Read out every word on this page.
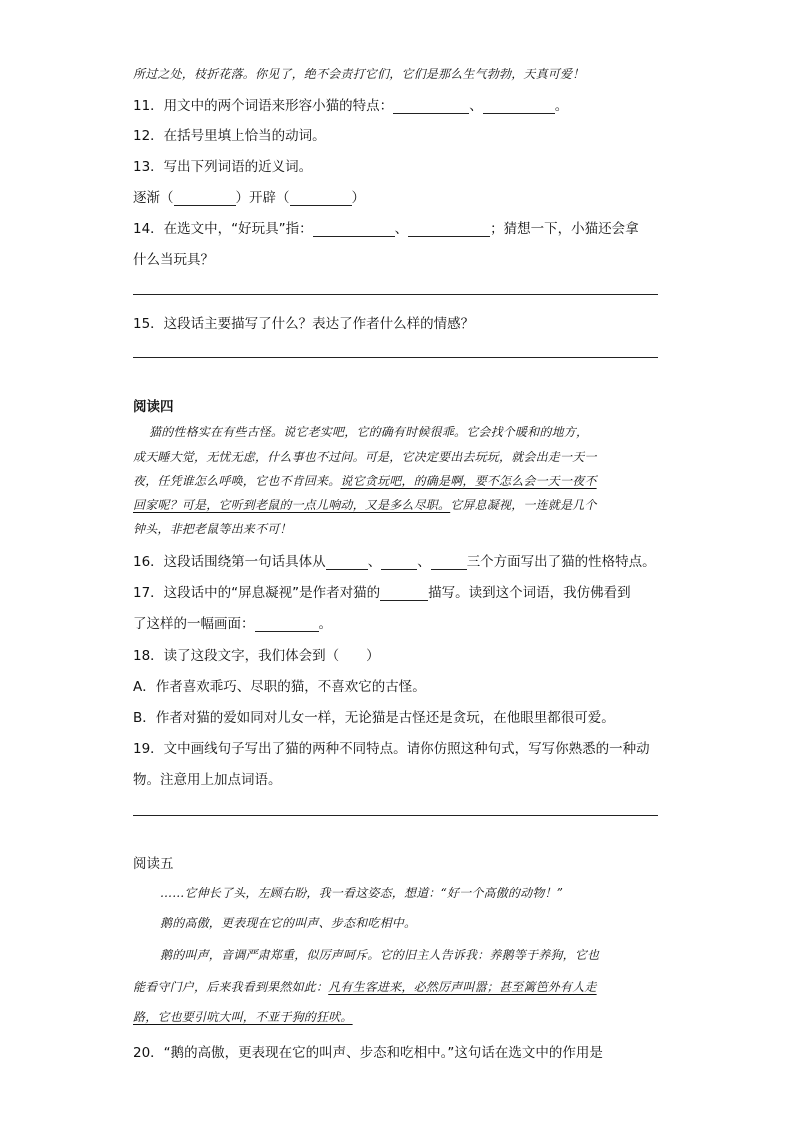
所过之处，枝折花落。你见了，绝不会责打它们，它们是那么生气勃勃，天真可爱！
11．用文中的两个词语来形容小猫的特点：	、	。
12．在括号里填上恰当的动词。
13．写出下列词语的近义词。
逐渐（	）开辟（	）
14．在选文中，“好玩具”指：	、	；猜想一下，小猫还会拿
什么当玩具？
15．这段话主要描写了什么？表达了作者什么样的情感？
阅读四
猫的性格实在有些古怪。说它老实吧，它的确有时候很乖。它会找个暖和的地方，
成天睡大觉，无忧无虑，什么事也不过问。可是，它决定要出去玩玩，就会出走一天一
夜，任凭谁怎么呼唤，它也不肯回来。说它贪玩吧，的确是啊，要不怎么会一天一夜不
回家呢？可是，它听到老鼠的一点儿响动，又是多么尽职。它屏息凝视，一连就是几个
钟头，非把老鼠等出来不可！
16．这段话围绕第一句话具体从	、	、	三个方面写出了猫的性格特点。
17．这段话中的“屏息凝视”是作者对猫的	描写。读到这个词语，我仿佛看到
了这样的一幅画面：	。
18．读了这段文字，我们体会到（　　）
A．作者喜欢乖巧、尽职的猫，不喜欢它的古怪。
B．作者对猫的爱如同对儿女一样，无论猫是古怪还是贪玩，在他眼里都很可爱。
19．文中画线句子写出了猫的两种不同特点。请你仿照这种句式，写写你熟悉的一种动
物。注意用上加点词语。
阅读五
……它伸长了头，左顾右盼，我一看这姿态，想道：“好一个高傲的动物！”
鹅的高傲，更表现在它的叫声、步态和吃相中。
鹅的叫声，音调严肃郑重，似厉声呵斥。它的旧主人告诉我：养鹅等于养狗，它也
能看守门户，后来我看到果然如此：凡有生客进来，必然厉声叫嚣；甚至篱笆外有人走
路，它也要引吭大叫，不亚于狗的狂吠。
20．“鹅的高傲，更表现在它的叫声、步态和吃相中。”这句话在选文中的作用是
